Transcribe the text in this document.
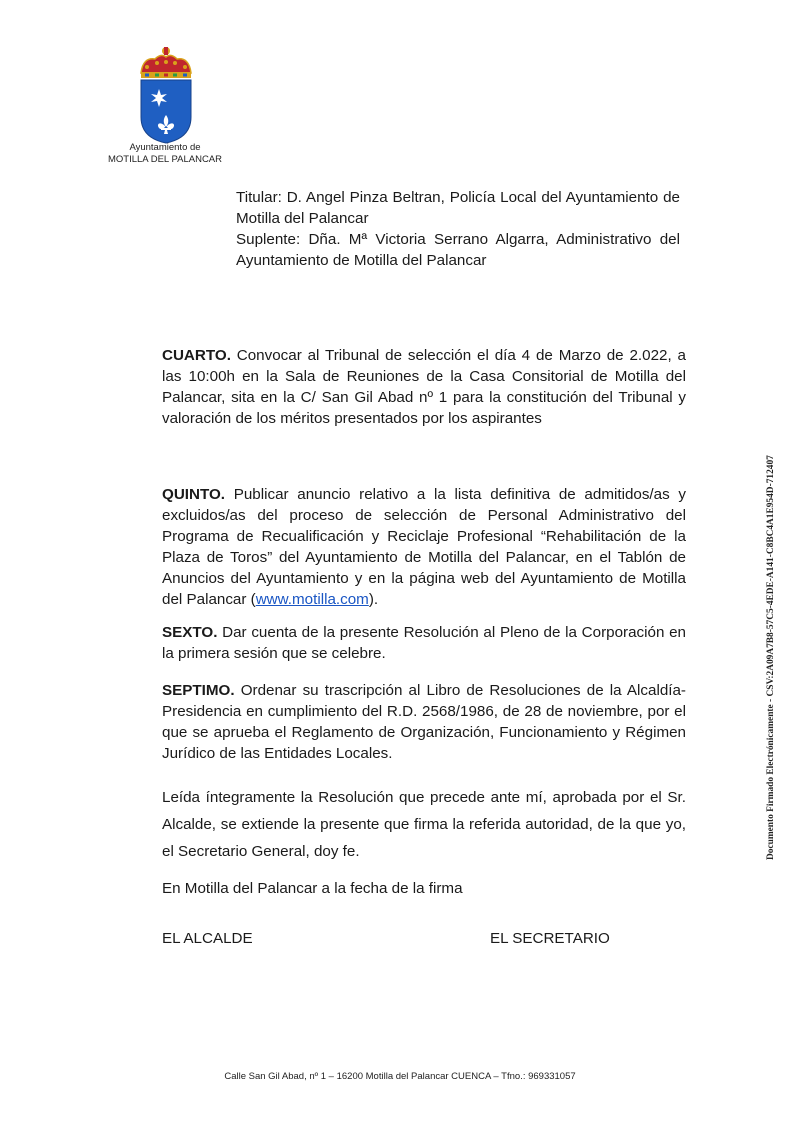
Ayuntamiento de
MOTILLA DEL PALANCAR
Titular: D. Angel Pinza Beltran, Policía Local del Ayuntamiento de Motilla del Palancar
Suplente: Dña. Mª Victoria Serrano Algarra, Administrativo del Ayuntamiento de Motilla del Palancar

CUARTO. Convocar al Tribunal de selección el día 4 de Marzo de 2.022, a las 10:00h en la Sala de Reuniones de la Casa Consitorial de Motilla del Palancar, sita en la C/ San Gil Abad nº 1 para la constitución del Tribunal y valoración de los méritos presentados por los aspirantes

QUINTO. Publicar anuncio relativo a la lista definitiva de admitidos/as y excluidos/as del proceso de selección de Personal Administrativo del Programa de Recualificación y Reciclaje Profesional “Rehabilitación de la Plaza de Toros” del Ayuntamiento de Motilla del Palancar, en el Tablón de Anuncios del Ayuntamiento y en la página web del Ayuntamiento de Motilla del Palancar (www.motilla.com).

SEXTO. Dar cuenta de la presente Resolución al Pleno de la Corporación en la primera sesión que se celebre.

SEPTIMO. Ordenar su trascripción al Libro de Resoluciones de la Alcaldía-Presidencia en cumplimiento del R.D. 2568/1986, de 28 de noviembre, por el que se aprueba el Reglamento de Organización, Funcionamiento y Régimen Jurídico de las Entidades Locales.

Leída íntegramente la Resolución que precede ante mí, aprobada por el Sr. Alcalde, se extiende la presente que firma la referida autoridad, de la que yo, el Secretario General, doy fe.

En Motilla del Palancar a la fecha de la firma
EL ALCALDE	EL SECRETARIO
Calle San Gil Abad, nº 1 – 16200 Motilla del Palancar CUENCA – Tfno.: 969331057
Documento Firmado Electrónicamente - CSV:2A09A7B8-57C5-4EDE-A141-C8BC4A1E954D-712407
